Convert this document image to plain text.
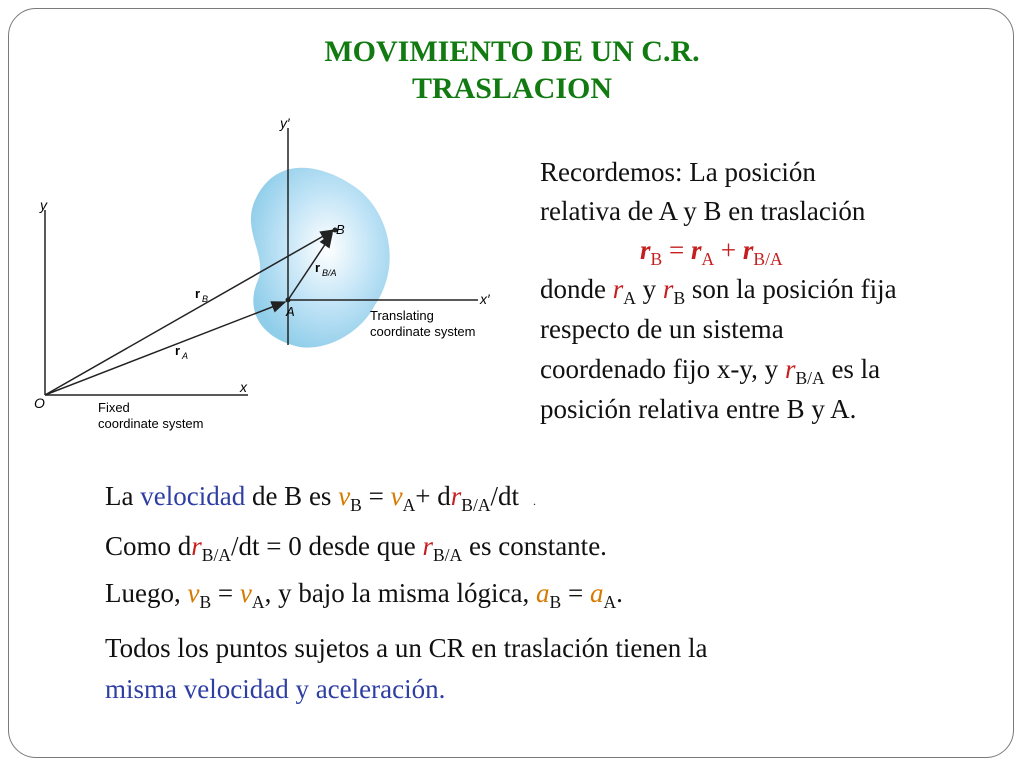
MOVIMIENTO DE UN C.R.
TRASLACION
y′
x′
y
x
O
A
B
r B
r A
r B/A
Translating
coordinate system
Fixed
coordinate system
Recordemos: La posición
relativa de A y B en traslación
$r_B = r_A + r_{B/A}$
donde $r_A$ y $r_B$ son la posición fija
respecto de un sistema
coordenado fijo x-y, y $r_{B/A}$ es la
posición relativa entre B y A.
La velocidad de B es $v_B = v_A+ dr_{B/A}/dt$ .
Como $dr_{B/A}/dt = 0$ desde que $r_{B/A}$ es constante.
Luego, $v_B = v_A$, y bajo la misma lógica, $a_B = a_A$.
Todos los puntos sujetos a un CR en traslación tienen la
misma velocidad y aceleración.
